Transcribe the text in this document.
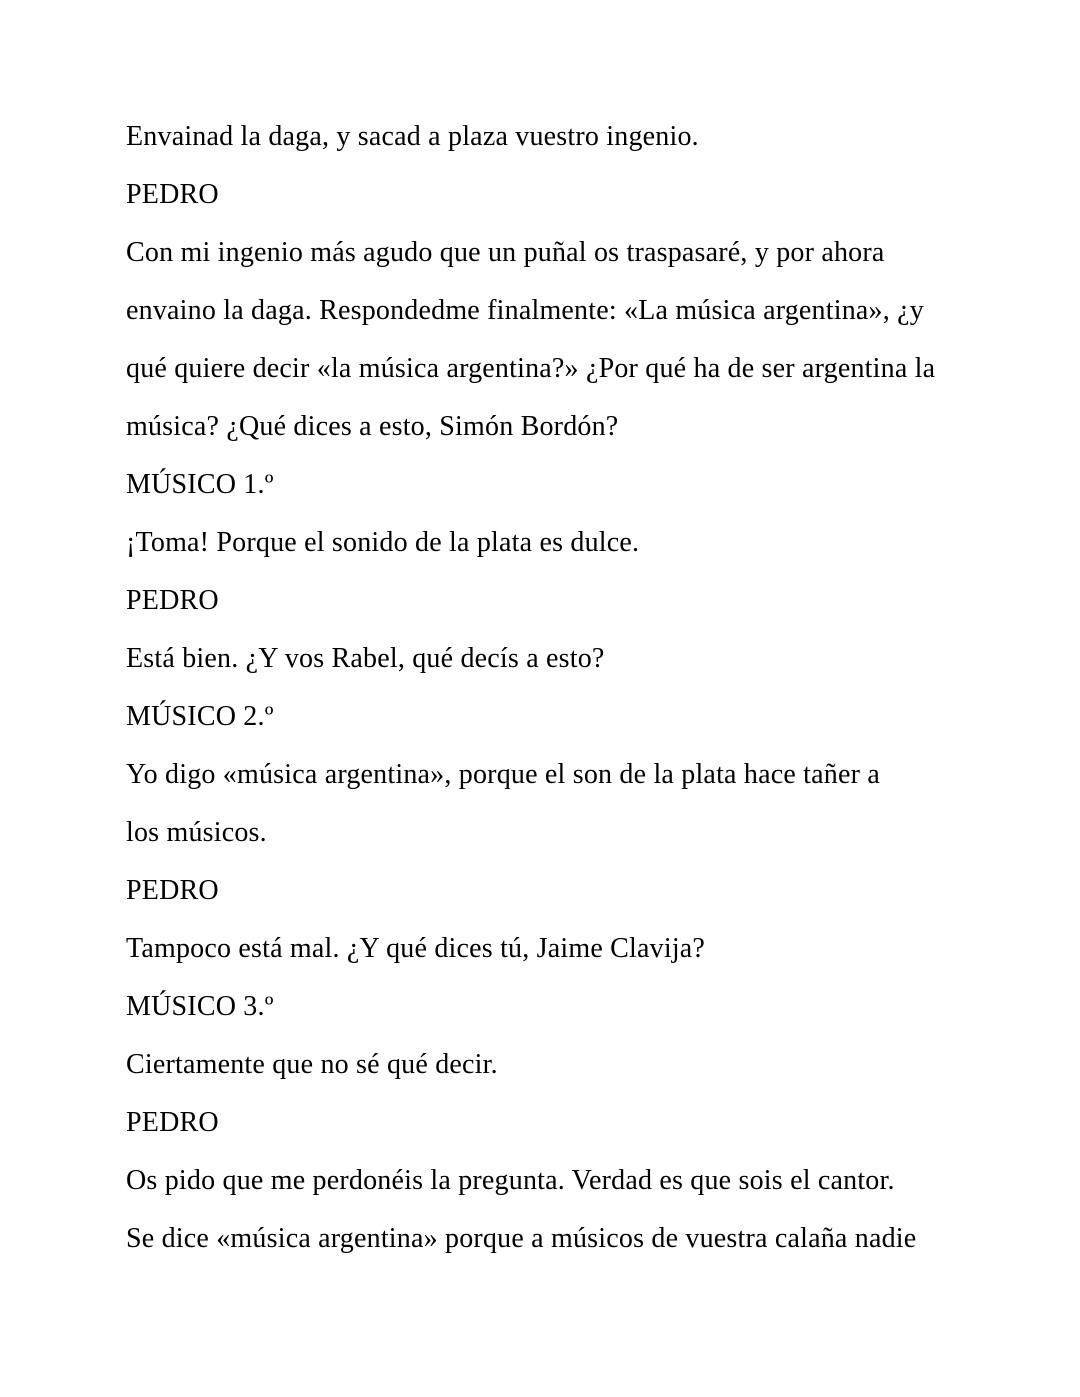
Envainad la daga, y sacad a plaza vuestro ingenio.
PEDRO
Con mi ingenio más agudo que un puñal os traspasaré, y por ahora
envaino la daga. Respondedme finalmente: «La música argentina», ¿y
qué quiere decir «la música argentina?» ¿Por qué ha de ser argentina la
música? ¿Qué dices a esto, Simón Bordón?
MÚSICO 1.º
¡Toma! Porque el sonido de la plata es dulce.
PEDRO
Está bien. ¿Y vos Rabel, qué decís a esto?
MÚSICO 2.º
Yo digo «música argentina», porque el son de la plata hace tañer a
los músicos.
PEDRO
Tampoco está mal. ¿Y qué dices tú, Jaime Clavija?
MÚSICO 3.º
Ciertamente que no sé qué decir.
PEDRO
Os pido que me perdonéis la pregunta. Verdad es que sois el cantor.
Se dice «música argentina» porque a músicos de vuestra calaña nadie
